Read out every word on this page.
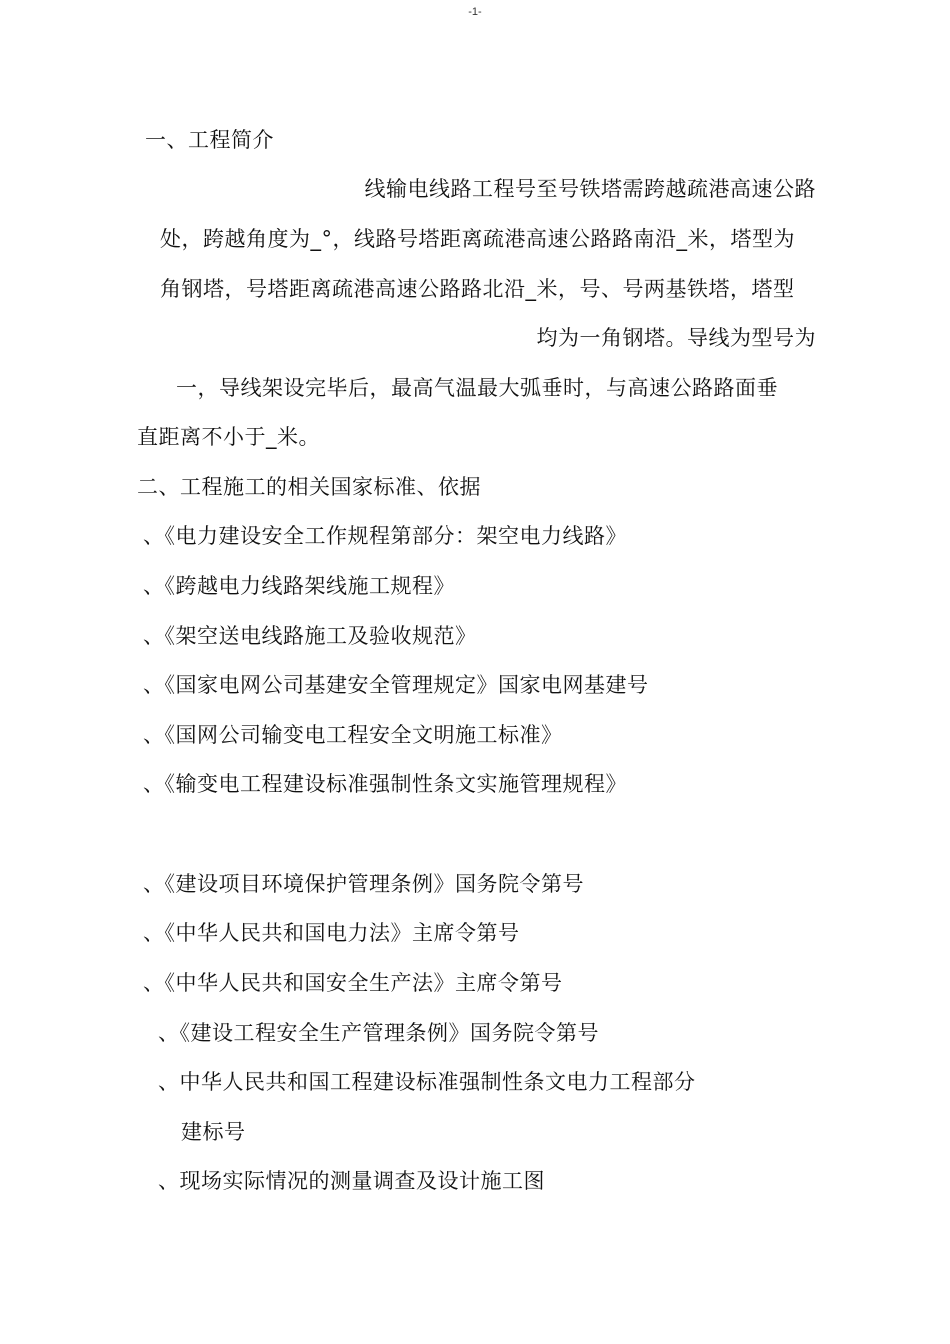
-1-
一、工程简介
线输电线路工程号至号铁塔需跨越疏港高速公路
处，跨越角度为_°，线路号塔距离疏港高速公路路南沿_米，塔型为
角钢塔，号塔距离疏港高速公路路北沿_米，号、号两基铁塔，塔型
均为一角钢塔。导线为型号为
一，导线架设完毕后，最高气温最大弧垂时，与高速公路路面垂
直距离不小于_米。
二、工程施工的相关国家标准、依据
、《电力建设安全工作规程第部分：架空电力线路》
、《跨越电力线路架线施工规程》
、《架空送电线路施工及验收规范》
、《国家电网公司基建安全管理规定》国家电网基建号
、《国网公司输变电工程安全文明施工标准》
、《输变电工程建设标准强制性条文实施管理规程》
、《建设项目环境保护管理条例》国务院令第号
、《中华人民共和国电力法》主席令第号
、《中华人民共和国安全生产法》主席令第号
、《建设工程安全生产管理条例》国务院令第号
、中华人民共和国工程建设标准强制性条文电力工程部分
建标号
、现场实际情况的测量调查及设计施工图
